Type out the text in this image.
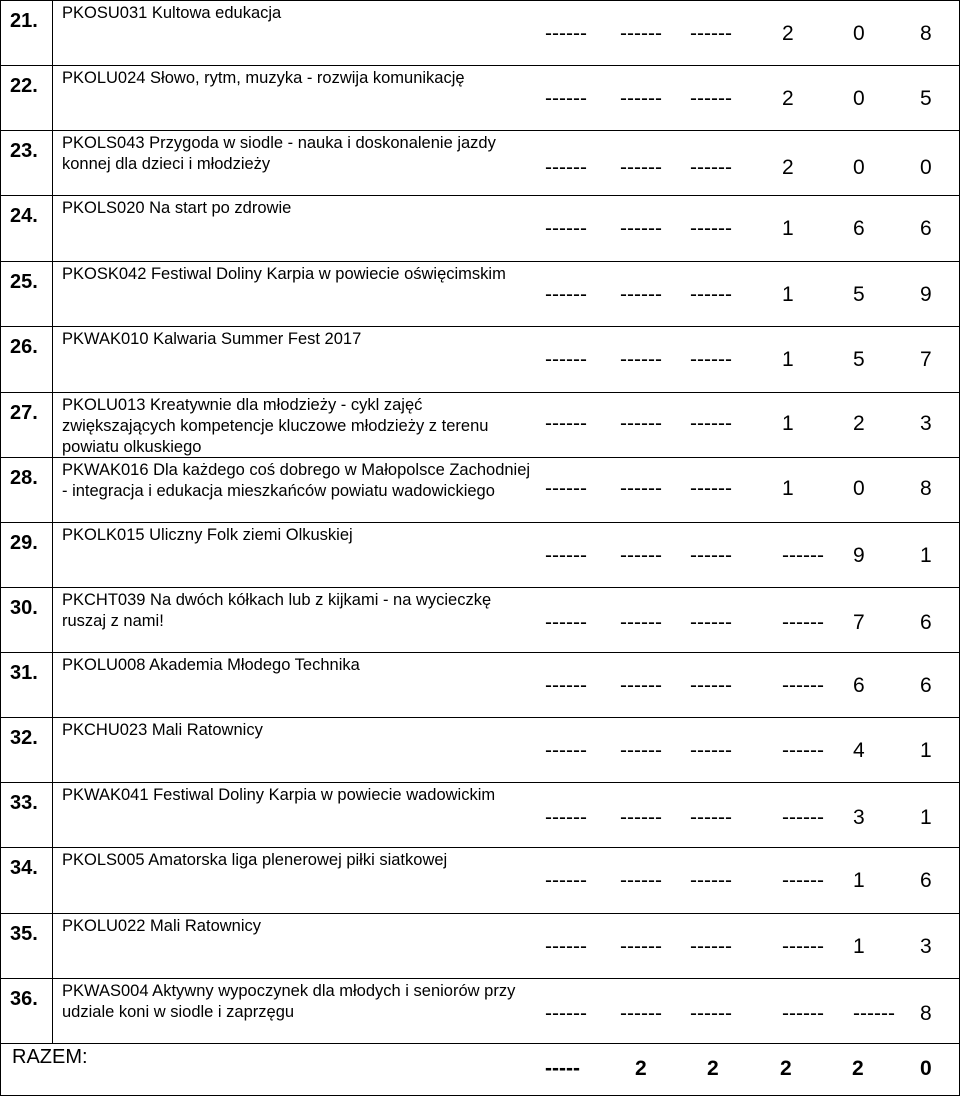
21. PKOSU031 Kultowa edukacja
------ ------ ------ 2	0	8
22. PKOLU024 Słowo, rytm, muzyka - rozwija komunikację
------ ------ ------ 2	0	5
23. PKOLS043 Przygoda w siodle - nauka i doskonalenie jazdy konnej dla dzieci i młodzieży	------ ------ ------ 2	0	0
24. PKOLS020 Na start po zdrowie
------ ------ ------ 1	6	6
25. PKOSK042 Festiwal Doliny Karpia w powiecie oświęcimskim
------ ------ ------ 1	5	9
26. PKWAK010 Kalwaria Summer Fest 2017
------ ------ ------ 1	5	7
27. PKOLU013 Kreatywnie dla młodzieży - cykl zajęć zwiększających kompetencje kluczowe młodzieży z terenu powiatu olkuskiego
------ ------ ------ 1	2	3
28. PKWAK016 Dla każdego coś dobrego w Małopolsce Zachodniej - integracja i edukacja mieszkańców powiatu wadowickiego	------ ------ ------ 1	0	8
29. PKOLK015 Uliczny Folk ziemi Olkuskiej
------ ------ ------ ------ 9	1
30. PKCHT039 Na dwóch kółkach lub z kijkami - na wycieczkę ruszaj z nami!	------ ------ ------ ------ 7	6
31. PKOLU008 Akademia Młodego Technika
------ ------ ------ ------ 6	6
32. PKCHU023 Mali Ratownicy
------ ------ ------ ------ 4	1
33. PKWAK041 Festiwal Doliny Karpia w powiecie wadowickim
------ ------ ------ ------ 3	1
34. PKOLS005 Amatorska liga plenerowej piłki siatkowej
------ ------ ------ ------ 1	6
35. PKOLU022 Mali Ratownicy
------ ------ ------ ------ 1	3
36. PKWAS004 Aktywny wypoczynek dla młodych i seniorów przy udziale koni w siodle i zaprzęgu	------ ------ ------ ------ ------ 8
RAZEM:	-----	2	2	2	2	0
